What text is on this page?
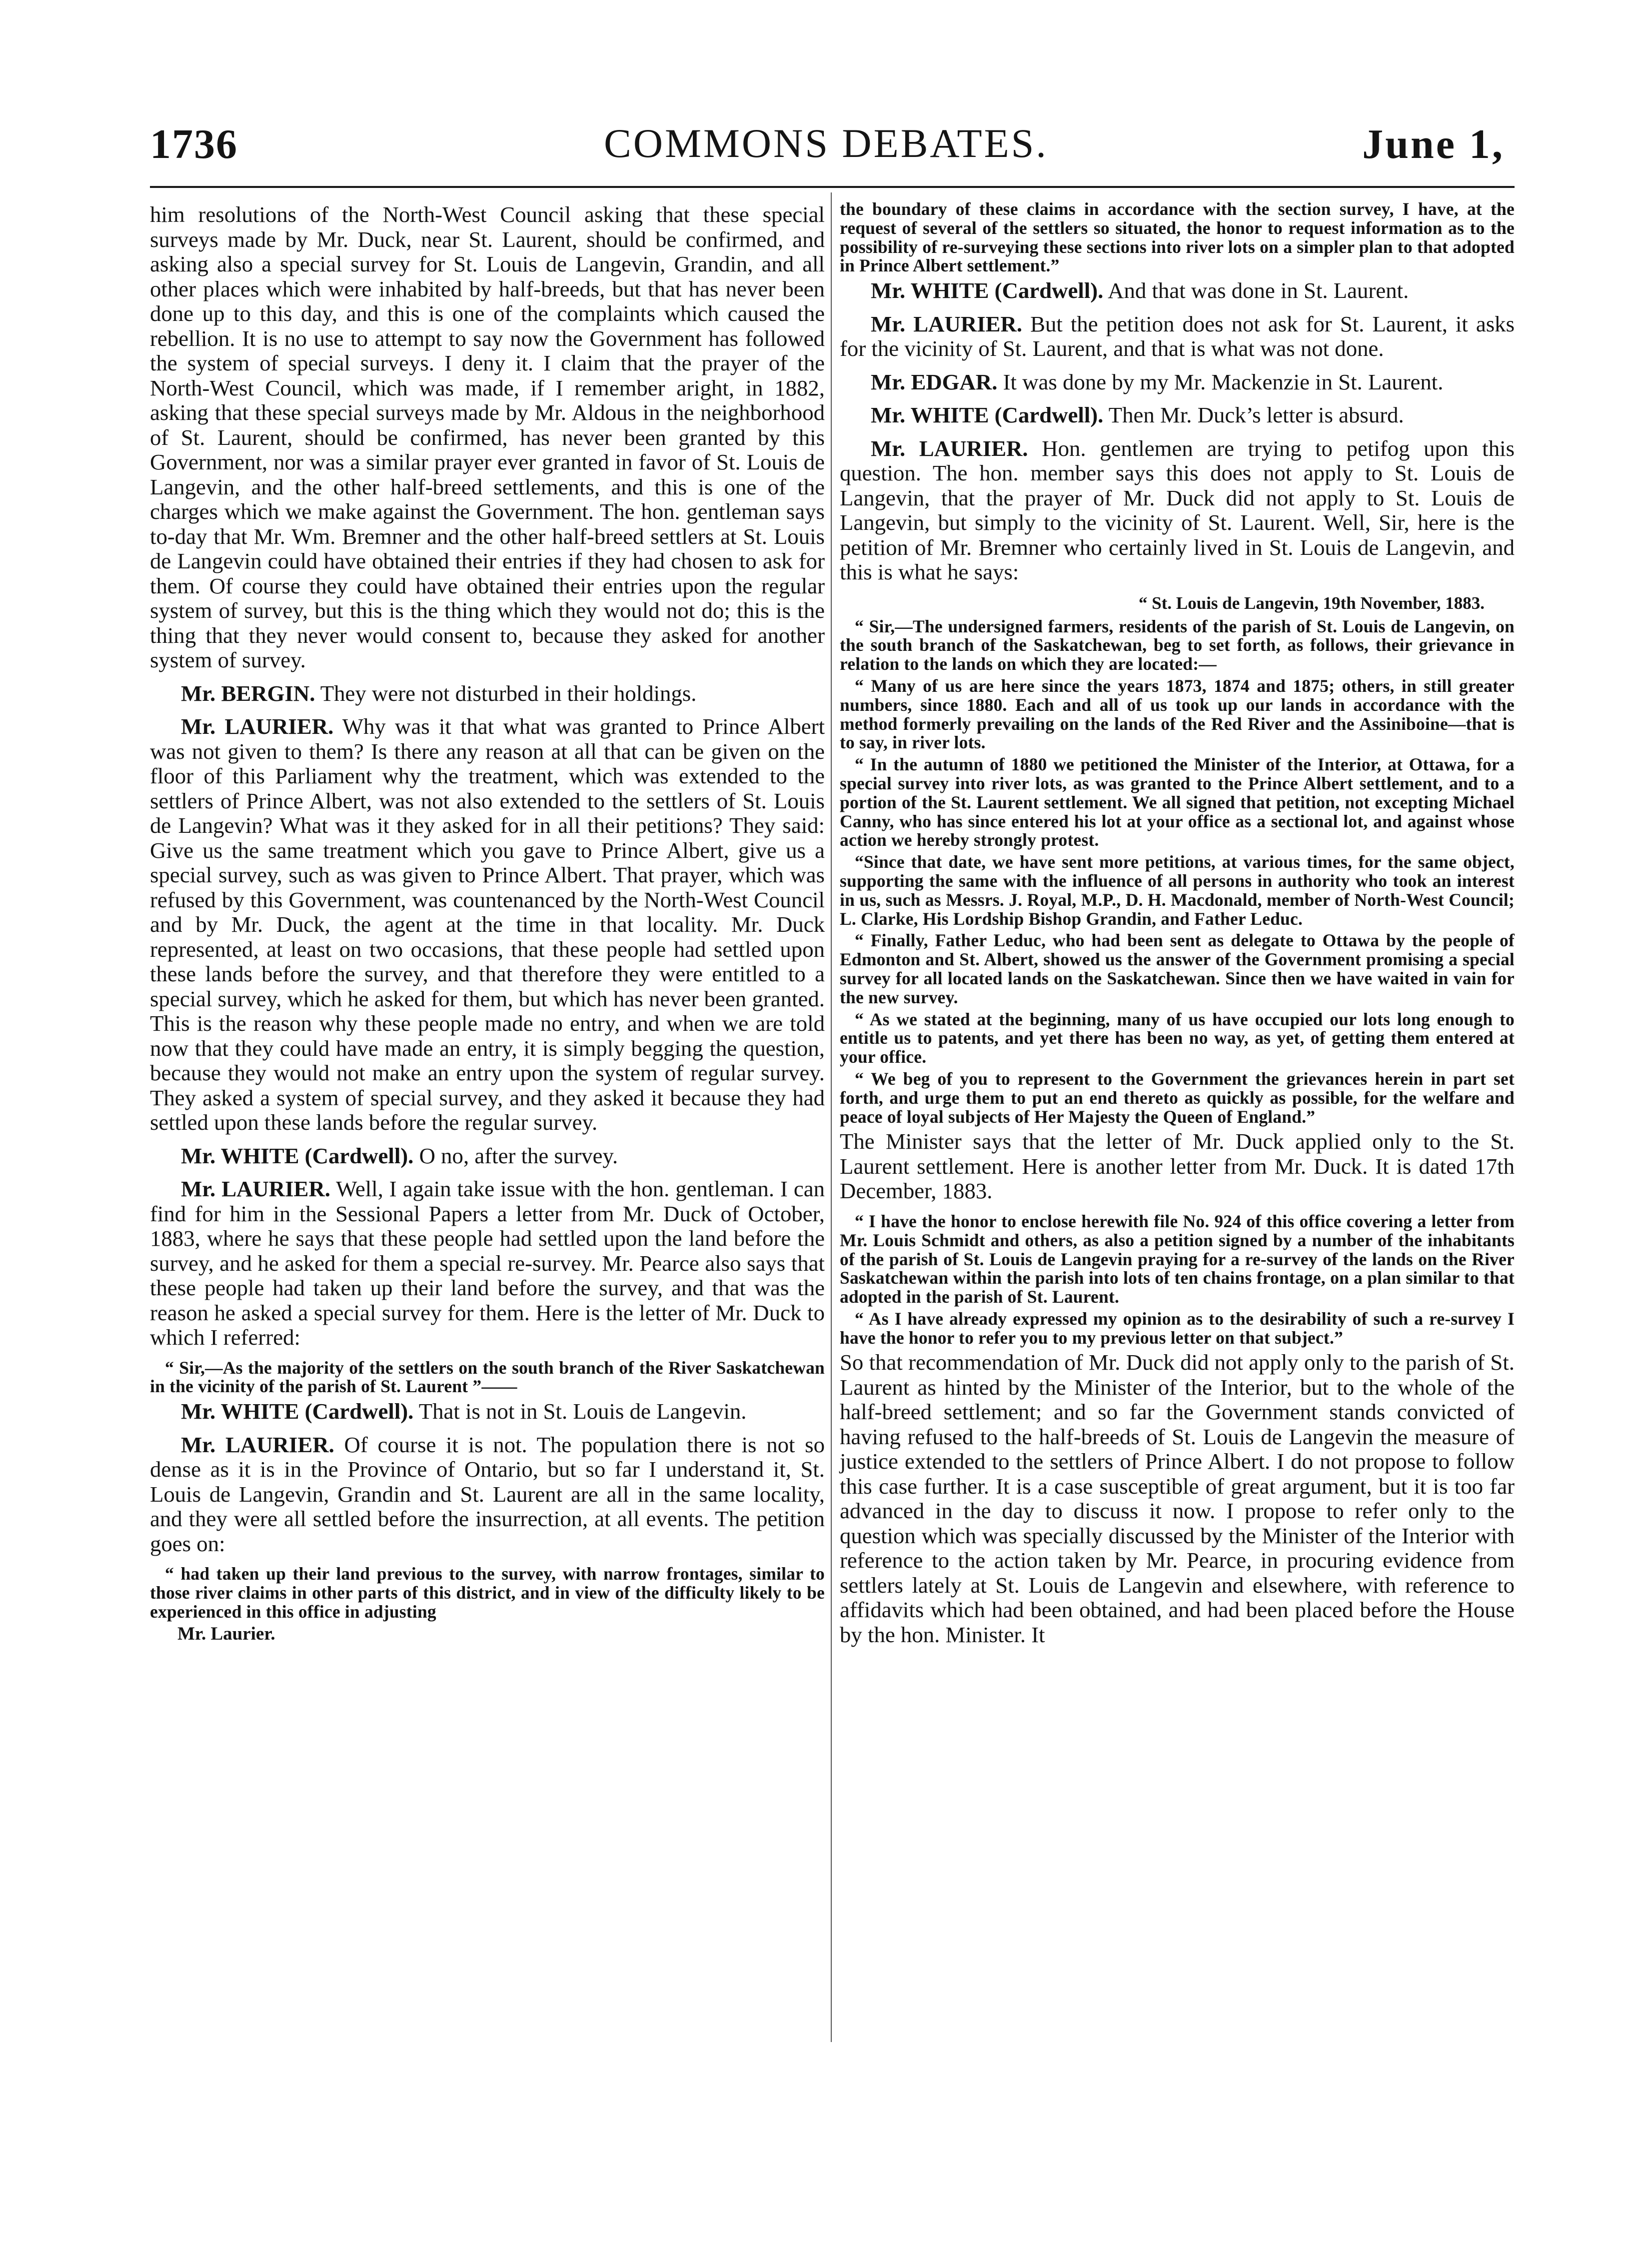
1736	COMMONS DEBATES.	June 1,

him resolutions of the North-West Council asking that these special surveys made by Mr. Duck, near St. Laurent, should be confirmed, and asking also a special survey for St. Louis de Langevin, Grandin, and all other places which were inhabited by half-breeds, but that has never been done up to this day, and this is one of the complaints which caused the rebellion. It is no use to attempt to say now the Government has followed the system of special surveys. I deny it. I claim that the prayer of the North-West Council, which was made, if I remember aright, in 1882, asking that these special surveys made by Mr. Aldous in the neighborhood of St. Laurent, should be confirmed, has never been granted by this Government, nor was a similar prayer ever granted in favor of St. Louis de Langevin, and the other half-breed settlements, and this is one of the charges which we make against the Government. The hon. gentleman says to-day that Mr. Wm. Bremner and the other half-breed settlers at St. Louis de Langevin could have obtained their entries if they had chosen to ask for them. Of course they could have obtained their entries upon the regular system of survey, but this is the thing which they would not do; this is the thing that they never would consent to, because they asked for another system of survey.

Mr. BERGIN. They were not disturbed in their holdings.

Mr. LAURIER. Why was it that what was granted to Prince Albert was not given to them? Is there any reason at all that can be given on the floor of this Parliament why the treatment, which was extended to the settlers of Prince Albert, was not also extended to the settlers of St. Louis de Langevin? What was it they asked for in all their petitions? They said: Give us the same treatment which you gave to Prince Albert, give us a special survey, such as was given to Prince Albert. That prayer, which was refused by this Government, was countenanced by the North-West Council and by Mr. Duck, the agent at the time in that locality. Mr. Duck represented, at least on two occasions, that these people had settled upon these lands before the survey, and that therefore they were entitled to a special survey, which he asked for them, but which has never been granted. This is the reason why these people made no entry, and when we are told now that they could have made an entry, it is simply begging the question, because they would not make an entry upon the system of regular survey. They asked a system of special survey, and they asked it because they had settled upon these lands before the regular survey.

Mr. WHITE (Cardwell). O no, after the survey.

Mr. LAURIER. Well, I again take issue with the hon. gentleman. I can find for him in the Sessional Papers a letter from Mr. Duck of October, 1883, where he says that these people had settled upon the land before the survey, and he asked for them a special re-survey. Mr. Pearce also says that these people had taken up their land before the survey, and that was the reason he asked a special survey for them. Here is the letter of Mr. Duck to which I referred:

“ Sir,—As the majority of the settlers on the south branch of the River Saskatchewan in the vicinity of the parish of St. Laurent ”——

Mr. WHITE (Cardwell). That is not in St. Louis de Langevin.

Mr. LAURIER. Of course it is not. The population there is not so dense as it is in the Province of Ontario, but so far I understand it, St. Louis de Langevin, Grandin and St. Laurent are all in the same locality, and they were all settled before the insurrection, at all events. The petition goes on:

“ had taken up their land previous to the survey, with narrow frontages, similar to those river claims in other parts of this district, and in view of the difficulty likely to be experienced in this office in adjusting

Mr. Laurier.

the boundary of these claims in accordance with the section survey, I have, at the request of several of the settlers so situated, the honor to request information as to the possibility of re-surveying these sections into river lots on a simpler plan to that adopted in Prince Albert settlement.”

Mr. WHITE (Cardwell). And that was done in St. Laurent.

Mr. LAURIER. But the petition does not ask for St. Laurent, it asks for the vicinity of St. Laurent, and that is what was not done.

Mr. EDGAR. It was done by my Mr. Mackenzie in St. Laurent.

Mr. WHITE (Cardwell). Then Mr. Duck’s letter is absurd.

Mr. LAURIER. Hon. gentlemen are trying to petifog upon this question. The hon. member says this does not apply to St. Louis de Langevin, that the prayer of Mr. Duck did not apply to St. Louis de Langevin, but simply to the vicinity of St. Laurent. Well, Sir, here is the petition of Mr. Bremner who certainly lived in St. Louis de Langevin, and this is what he says:

“ St. Louis de Langevin, 19th November, 1883.

“ Sir,—The undersigned farmers, residents of the parish of St. Louis de Langevin, on the south branch of the Saskatchewan, beg to set forth, as follows, their grievance in relation to the lands on which they are located:—

“ Many of us are here since the years 1873, 1874 and 1875; others, in still greater numbers, since 1880. Each and all of us took up our lands in accordance with the method formerly prevailing on the lands of the Red River and the Assiniboine—that is to say, in river lots.

“ In the autumn of 1880 we petitioned the Minister of the Interior, at Ottawa, for a special survey into river lots, as was granted to the Prince Albert settlement, and to a portion of the St. Laurent settlement. We all signed that petition, not excepting Michael Canny, who has since entered his lot at your office as a sectional lot, and against whose action we hereby strongly protest.

“Since that date, we have sent more petitions, at various times, for the same object, supporting the same with the influence of all persons in authority who took an interest in us, such as Messrs. J. Royal, M.P., D. H. Macdonald, member of North-West Council; L. Clarke, His Lordship Bishop Grandin, and Father Leduc.

“ Finally, Father Leduc, who had been sent as delegate to Ottawa by the people of Edmonton and St. Albert, showed us the answer of the Government promising a special survey for all located lands on the Saskatchewan. Since then we have waited in vain for the new survey.

“ As we stated at the beginning, many of us have occupied our lots long enough to entitle us to patents, and yet there has been no way, as yet, of getting them entered at your office.

“ We beg of you to represent to the Government the grievances herein in part set forth, and urge them to put an end thereto as quickly as possible, for the welfare and peace of loyal subjects of Her Majesty the Queen of England.”

The Minister says that the letter of Mr. Duck applied only to the St. Laurent settlement. Here is another letter from Mr. Duck. It is dated 17th December, 1883.

“ I have the honor to enclose herewith file No. 924 of this office covering a letter from Mr. Louis Schmidt and others, as also a petition signed by a number of the inhabitants of the parish of St. Louis de Langevin praying for a re-survey of the lands on the River Saskatchewan within the parish into lots of ten chains frontage, on a plan similar to that adopted in the parish of St. Laurent.

“ As I have already expressed my opinion as to the desirability of such a re-survey I have the honor to refer you to my previous letter on that subject.”

So that recommendation of Mr. Duck did not apply only to the parish of St. Laurent as hinted by the Minister of the Interior, but to the whole of the half-breed settlement; and so far the Government stands convicted of having refused to the half-breeds of St. Louis de Langevin the measure of justice extended to the settlers of Prince Albert. I do not propose to follow this case further. It is a case susceptible of great argument, but it is too far advanced in the day to discuss it now. I propose to refer only to the question which was specially discussed by the Minister of the Interior with reference to the action taken by Mr. Pearce, in procuring evidence from settlers lately at St. Louis de Langevin and elsewhere, with reference to affidavits which had been obtained, and had been placed before the House by the hon. Minister. It
